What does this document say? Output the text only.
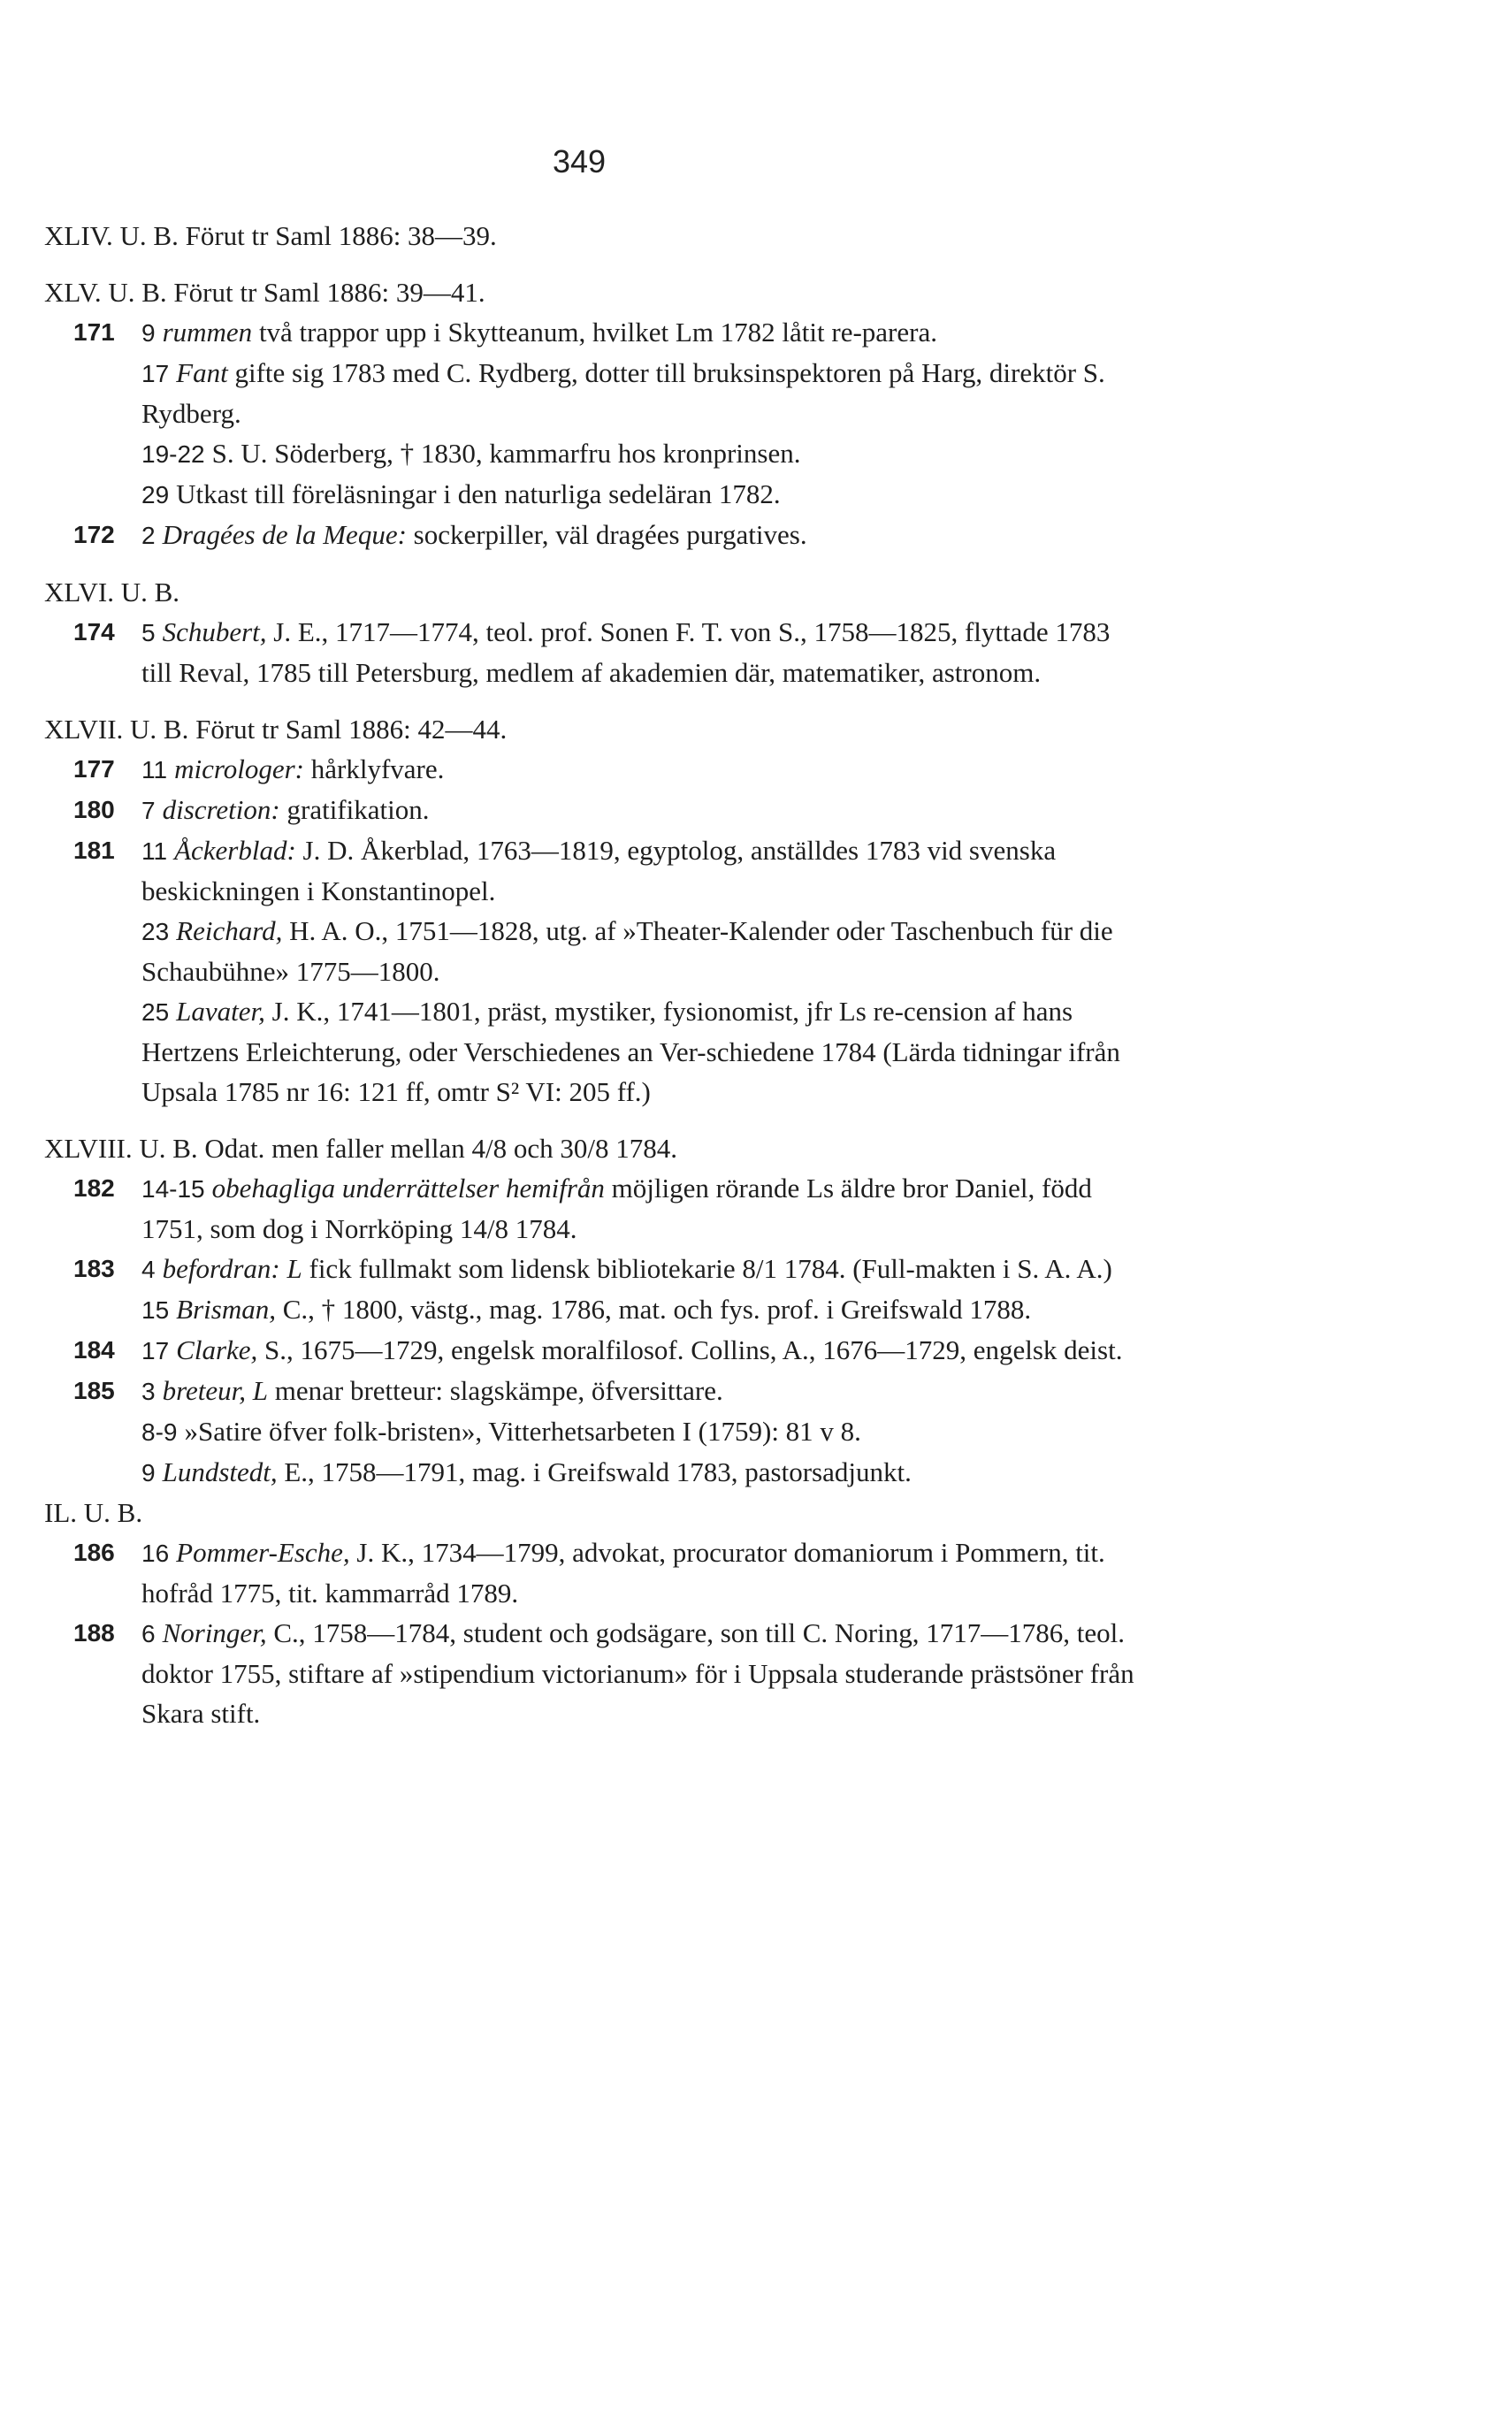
349
XLIV. U. B. Förut tr Saml 1886: 38—39.
XLV. U. B. Förut tr Saml 1886: 39—41.
171 9 rummen två trappor upp i Skytteanum, hvilket Lm 1782 låtit re-parera.
17 Fant gifte sig 1783 med C. Rydberg, dotter till bruksinspektoren på Harg, direktör S. Rydberg.
19-22 S. U. Söderberg, † 1830, kammarfru hos kronprinsen.
29 Utkast till föreläsningar i den naturliga sedeläran 1782.
172 2 Dragées de la Meque: sockerpiller, väl dragées purgatives.
XLVI. U. B.
174 5 Schubert, J. E., 1717—1774, teol. prof. Sonen F. T. von S., 1758—1825, flyttade 1783 till Reval, 1785 till Petersburg, medlem af akademien där, matematiker, astronom.
XLVII. U. B. Förut tr Saml 1886: 42—44.
177 11 microloger: hårklyfvare.
180 7 discretion: gratifikation.
181 11 Åckerblad: J. D. Åkerblad, 1763—1819, egyptolog, anställdes 1783 vid svenska beskickningen i Konstantinopel.
23 Reichard, H. A. O., 1751—1828, utg. af »Theater-Kalender oder Taschenbuch für die Schaubühne» 1775—1800.
25 Lavater, J. K., 1741—1801, präst, mystiker, fysionomist, jfr Ls re-cension af hans Hertzens Erleichterung, oder Verschiedenes an Ver-schiedene 1784 (Lärda tidningar ifrån Upsala 1785 nr 16: 121 ff, omtr S² VI: 205 ff.)
XLVIII. U. B. Odat. men faller mellan 4/8 och 30/8 1784.
182 14-15 obehagliga underrättelser hemifrån möjligen rörande Ls äldre bror Daniel, född 1751, som dog i Norrköping 14/8 1784.
183 4 befordran: L fick fullmakt som lidensk bibliotekarie 8/1 1784. (Full-makten i S. A. A.)
15 Brisman, C., † 1800, västg., mag. 1786, mat. och fys. prof. i Greifswald 1788.
184 17 Clarke, S., 1675—1729, engelsk moralfilosof. Collins, A., 1676—1729, engelsk deist.
185 3 breteur, L menar bretteur: slagskämpe, öfversittare.
8-9 »Satire öfver folk-bristen», Vitterhetsarbeten I (1759): 81 v 8.
9 Lundstedt, E., 1758—1791, mag. i Greifswald 1783, pastorsadjunkt.
IL. U. B.
186 16 Pommer-Esche, J. K., 1734—1799, advokat, procurator domaniorum i Pommern, tit. hofråd 1775, tit. kammarråd 1789.
188 6 Noringer, C., 1758—1784, student och godsägare, son till C. Noring, 1717—1786, teol. doktor 1755, stiftare af »stipendium victorianum» för i Uppsala studerande prästsöner från Skara stift.
